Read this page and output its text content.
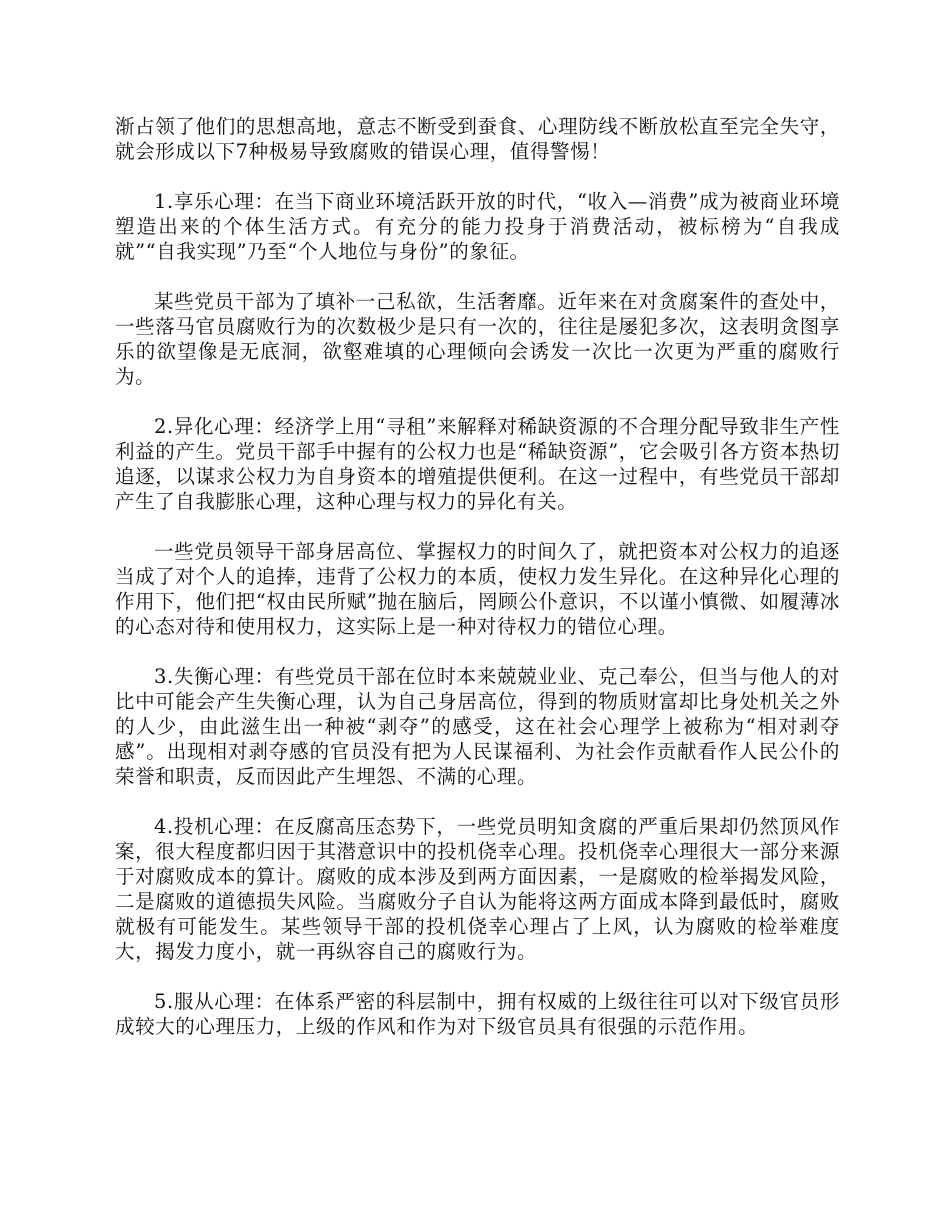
渐占领了他们的思想高地，意志不断受到蚕食、心理防线不断放松直至完全失守，就会形成以下7种极易导致腐败的错误心理，值得警惕！

1.享乐心理：在当下商业环境活跃开放的时代，“收入—消费”成为被商业环境塑造出来的个体生活方式。有充分的能力投身于消费活动，被标榜为“自我成就”“自我实现”乃至“个人地位与身份”的象征。

某些党员干部为了填补一己私欲，生活奢靡。近年来在对贪腐案件的查处中，一些落马官员腐败行为的次数极少是只有一次的，往往是屡犯多次，这表明贪图享乐的欲望像是无底洞，欲壑难填的心理倾向会诱发一次比一次更为严重的腐败行为。

2.异化心理：经济学上用“寻租”来解释对稀缺资源的不合理分配导致非生产性利益的产生。党员干部手中握有的公权力也是“稀缺资源”，它会吸引各方资本热切追逐，以谋求公权力为自身资本的增殖提供便利。在这一过程中，有些党员干部却产生了自我膨胀心理，这种心理与权力的异化有关。

一些党员领导干部身居高位、掌握权力的时间久了，就把资本对公权力的追逐当成了对个人的追捧，违背了公权力的本质，使权力发生异化。在这种异化心理的作用下，他们把“权由民所赋”抛在脑后，罔顾公仆意识，不以谨小慎微、如履薄冰的心态对待和使用权力，这实际上是一种对待权力的错位心理。

3.失衡心理：有些党员干部在位时本来兢兢业业、克己奉公，但当与他人的对比中可能会产生失衡心理，认为自己身居高位，得到的物质财富却比身处机关之外的人少，由此滋生出一种被“剥夺”的感受，这在社会心理学上被称为“相对剥夺感”。出现相对剥夺感的官员没有把为人民谋福利、为社会作贡献看作人民公仆的荣誉和职责，反而因此产生埋怨、不满的心理。

4.投机心理：在反腐高压态势下，一些党员明知贪腐的严重后果却仍然顶风作案，很大程度都归因于其潜意识中的投机侥幸心理。投机侥幸心理很大一部分来源于对腐败成本的算计。腐败的成本涉及到两方面因素，一是腐败的检举揭发风险，二是腐败的道德损失风险。当腐败分子自认为能将这两方面成本降到最低时，腐败就极有可能发生。某些领导干部的投机侥幸心理占了上风，认为腐败的检举难度大，揭发力度小，就一再纵容自己的腐败行为。

5.服从心理：在体系严密的科层制中，拥有权威的上级往往可以对下级官员形成较大的心理压力，上级的作风和作为对下级官员具有很强的示范作用。
